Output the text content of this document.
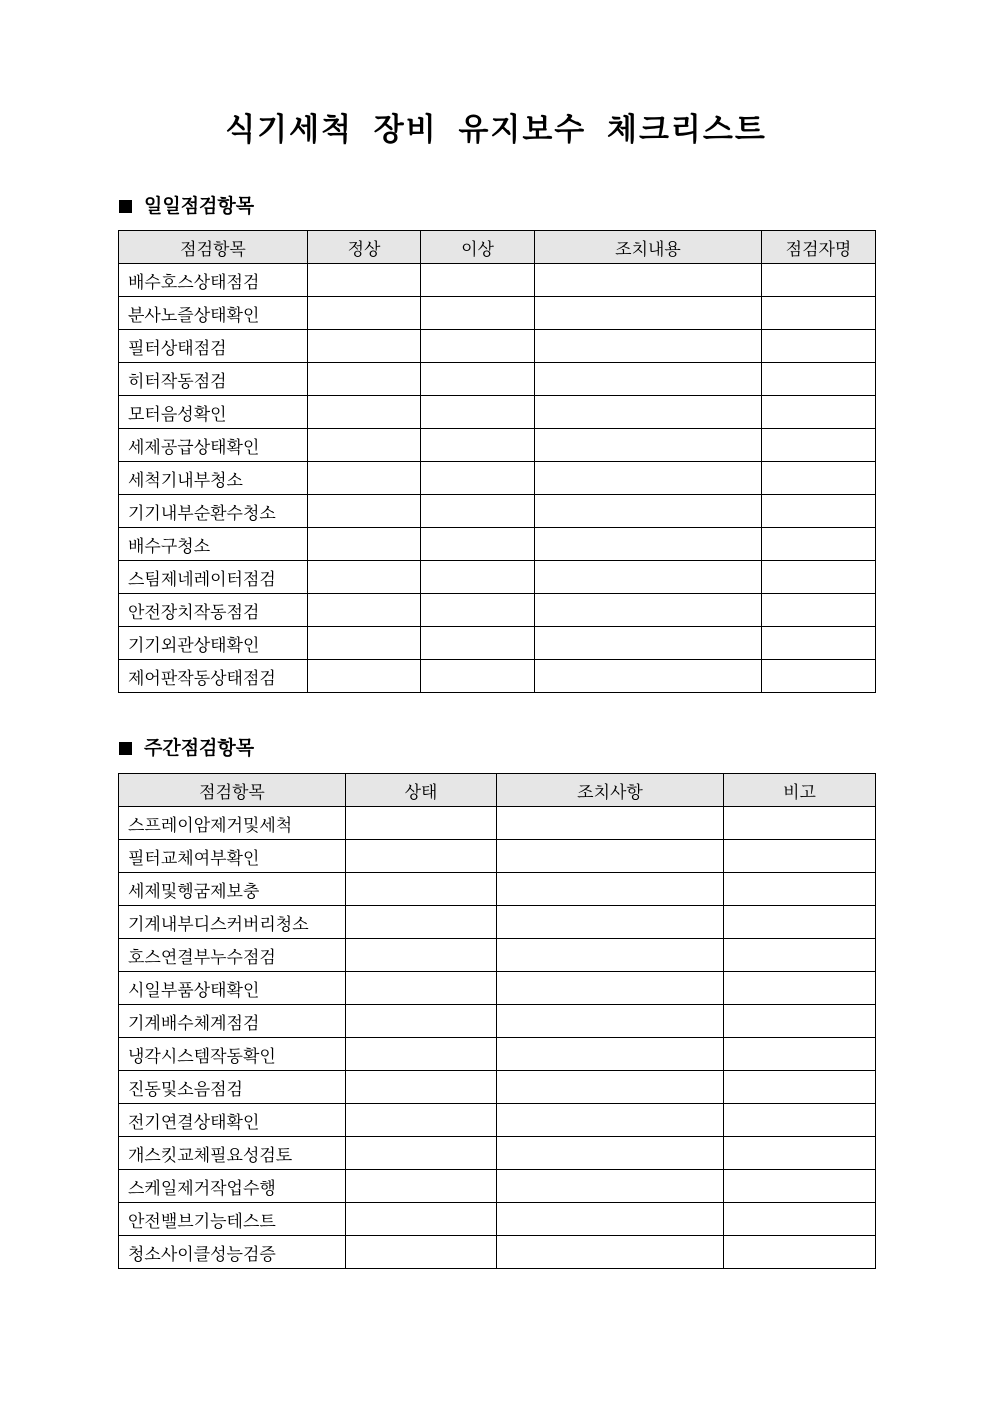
식기세척 장비 유지보수 체크리스트
일일점검항목
점검항목	정상	이상	조치내용	점검자명
배수호스상태점검				
분사노즐상태확인				
필터상태점검				
히터작동점검				
모터음성확인				
세제공급상태확인				
세척기내부청소				
기기내부순환수청소				
배수구청소				
스팀제네레이터점검				
안전장치작동점검				
기기외관상태확인				
제어판작동상태점검				
주간점검항목
점검항목	상태	조치사항	비고
스프레이암제거및세척			
필터교체여부확인			
세제및헹굼제보충			
기계내부디스커버리청소			
호스연결부누수점검			
시일부품상태확인			
기계배수체계점검			
냉각시스템작동확인			
진동및소음점검			
전기연결상태확인			
개스킷교체필요성검토			
스케일제거작업수행			
안전밸브기능테스트			
청소사이클성능검증			
